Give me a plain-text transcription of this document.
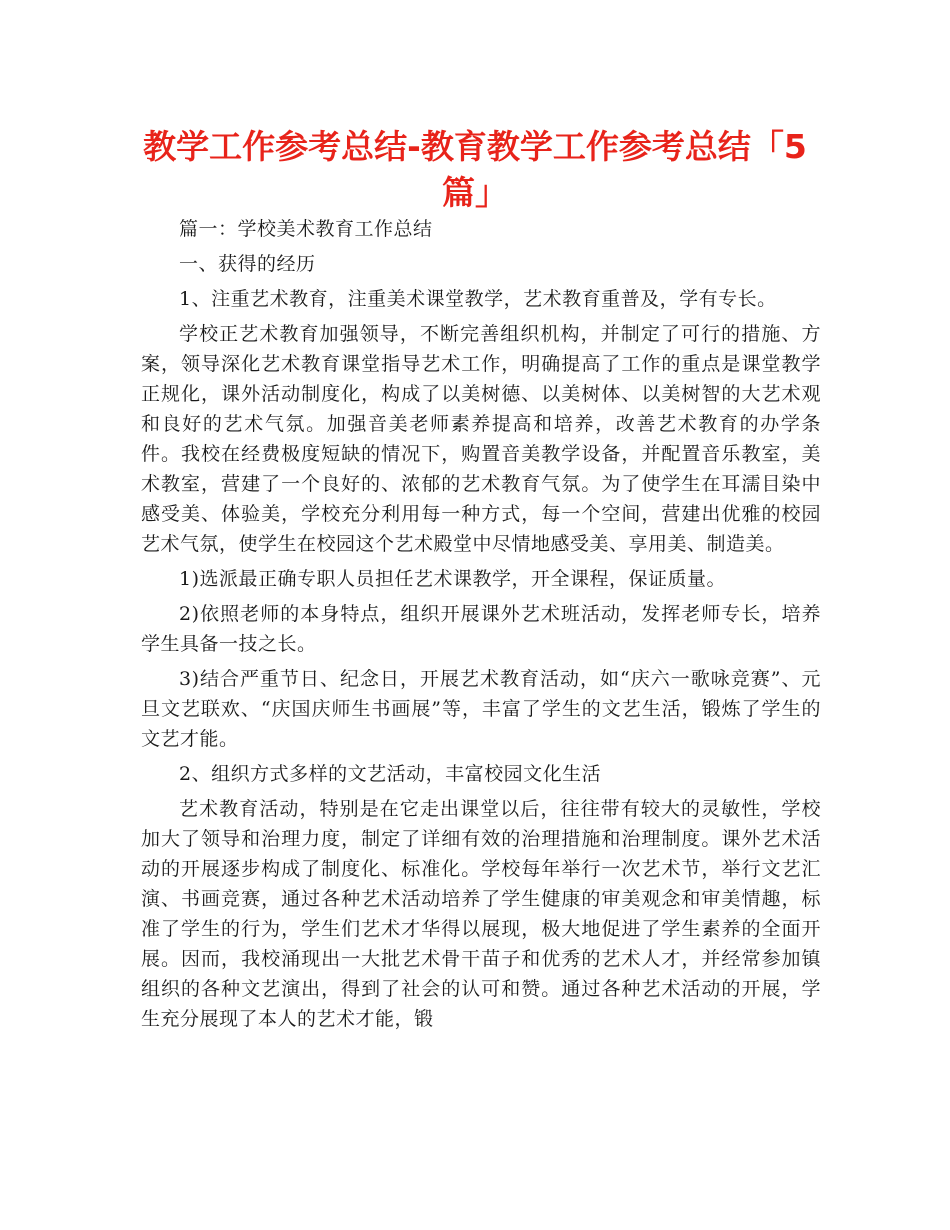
教学工作参考总结-教育教学工作参考总结「5篇」

篇一：学校美术教育工作总结

一、获得的经历

1、注重艺术教育，注重美术课堂教学，艺术教育重普及，学有专长。

学校正艺术教育加强领导，不断完善组织机构，并制定了可行的措施、方案，领导深化艺术教育课堂指导艺术工作，明确提高了工作的重点是课堂教学正规化，课外活动制度化，构成了以美树德、以美树体、以美树智的大艺术观和良好的艺术气氛。加强音美老师素养提高和培养，改善艺术教育的办学条件。我校在经费极度短缺的情况下，购置音美教学设备，并配置音乐教室，美术教室，营建了一个良好的、浓郁的艺术教育气氛。为了使学生在耳濡目染中感受美、体验美，学校充分利用每一种方式，每一个空间，营建出优雅的校园艺术气氛，使学生在校园这个艺术殿堂中尽情地感受美、享用美、制造美。

1)选派最正确专职人员担任艺术课教学，开全课程，保证质量。

2)依照老师的本身特点，组织开展课外艺术班活动，发挥老师专长，培养学生具备一技之长。

3)结合严重节日、纪念日，开展艺术教育活动，如“庆六一歌咏竞赛”、元旦文艺联欢、“庆国庆师生书画展”等，丰富了学生的文艺生活，锻炼了学生的文艺才能。

2、组织方式多样的文艺活动，丰富校园文化生活

艺术教育活动，特别是在它走出课堂以后，往往带有较大的灵敏性，学校加大了领导和治理力度，制定了详细有效的治理措施和治理制度。课外艺术活动的开展逐步构成了制度化、标准化。学校每年举行一次艺术节，举行文艺汇演、书画竞赛，通过各种艺术活动培养了学生健康的审美观念和审美情趣，标准了学生的行为，学生们艺术才华得以展现，极大地促进了学生素养的全面开展。因而，我校涌现出一大批艺术骨干苗子和优秀的艺术人才，并经常参加镇组织的各种文艺演出，得到了社会的认可和赞。通过各种艺术活动的开展，学生充分展现了本人的艺术才能，锻
